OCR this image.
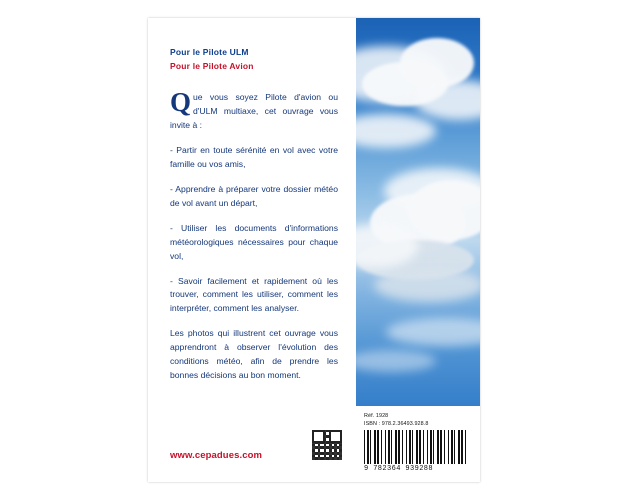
Pour le Pilote ULM

Pour le Pilote Avion

Que vous soyez Pilote d'avion ou d'ULM multiaxe, cet ouvrage vous invite à :

- Partir en toute sérénité en vol avec votre famille ou vos amis,

- Apprendre à préparer votre dossier météo de vol avant un départ,

- Utiliser les documents d'informations météorologiques nécessaires pour chaque vol,

- Savoir facilement et rapidement où les trouver, comment les utiliser, comment les interpréter, comment les analyser.

Les photos qui illustrent cet ouvrage vous apprendront à observer l'évolution des conditions météo, afin de prendre les bonnes décisions au bon moment.

www.cepadues.com
Réf. 1928
ISBN : 978.2.36493.928.8
9 782364 939288
